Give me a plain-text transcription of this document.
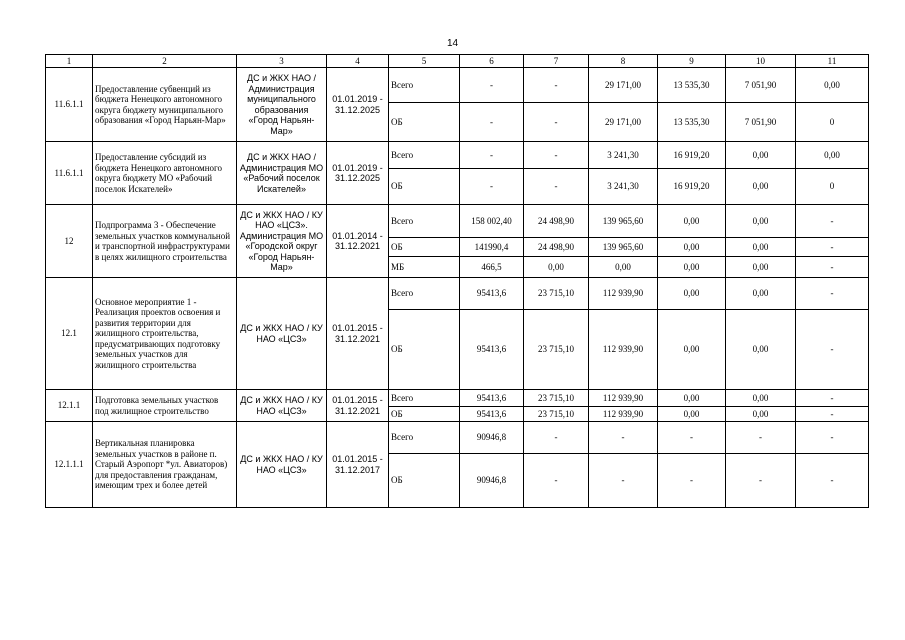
14
1	2	3	4	5	6	7	8	9	10	11
11.6.1.1	Предоставление субвенций из бюджета Ненецкого автономного округа бюджету муниципального образования «Город Нарьян-Мар»	ДС и ЖКХ НАО / Администрация муниципального образования «Город Нарьян-Мар»	01.01.2019 - 31.12.2025	Всего	-	-	29 171,00	13 535,30	7 051,90	0,00
				ОБ	-	-	29 171,00	13 535,30	7 051,90	0
11.6.1.1	Предоставление субсидий из бюджета Ненецкого автономного округа бюджету МО «Рабочий поселок Искателей»	ДС и ЖКХ НАО / Администрация МО «Рабочий поселок Искателей»	01.01.2019 - 31.12.2025	Всего	-	-	3 241,30	16 919,20	0,00	0,00
				ОБ	-	-	3 241,30	16 919,20	0,00	0
12	Подпрограмма 3 - Обеспечение земельных участков коммунальной и транспортной инфраструктурами в целях жилищного строительства	ДС и ЖКХ НАО / КУ НАО «ЦСЗ». Администрация МО «Городской округ «Город Нарьян-Мар»	01.01.2014 - 31.12.2021	Всего	158 002,40	24 498,90	139 965,60	0,00	0,00	-
				ОБ	141990,4	24 498,90	139 965,60	0,00	0,00	-
				МБ	466,5	0,00	0,00	0,00	0,00	-
12.1	Основное мероприятие 1 - Реализация проектов освоения и развития территории для жилищного строительства, предусматривающих подготовку земельных участков для жилищного строительства	ДС и ЖКХ НАО / КУ НАО «ЦСЗ»	01.01.2015 - 31.12.2021	Всего	95413,6	23 715,10	112 939,90	0,00	0,00	-
				ОБ	95413,6	23 715,10	112 939,90	0,00	0,00	-
12.1.1	Подготовка земельных участков под жилищное строительство	ДС и ЖКХ НАО / КУ НАО «ЦСЗ»	01.01.2015 - 31.12.2021	Всего	95413,6	23 715,10	112 939,90	0,00	0,00	-
				ОБ	95413,6	23 715,10	112 939,90	0,00	0,00	-
12.1.1.1	Вертикальная планировка земельных участков в районе п. Старый Аэропорт *ул. Авиаторов) для предоставления гражданам, имеющим трех и более детей	ДС и ЖКХ НАО / КУ НАО «ЦСЗ»	01.01.2015 - 31.12.2017	Всего	90946,8	-	-	-	-	-
				ОБ	90946,8	-	-	-	-	-
